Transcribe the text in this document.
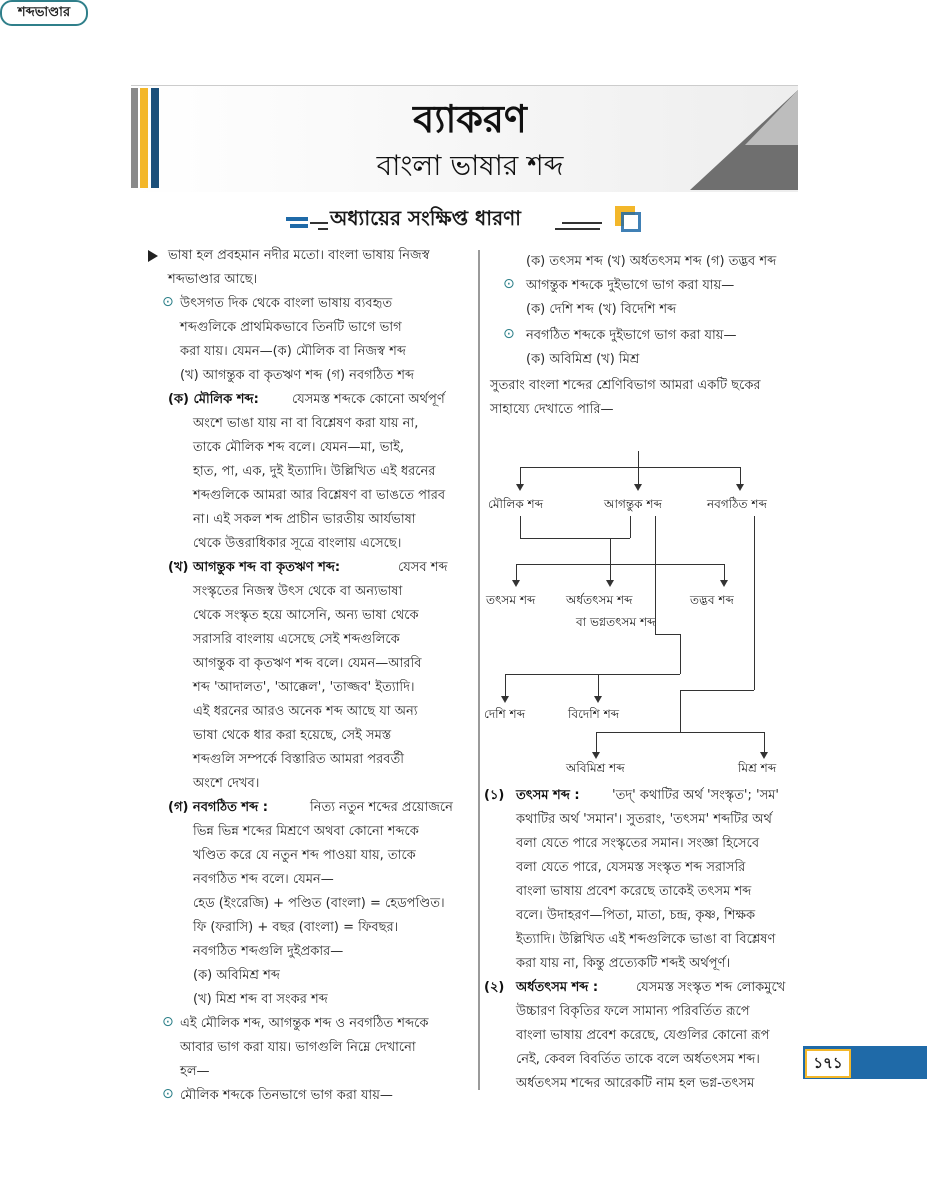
ব্যাকরণ
বাংলা ভাষার শব্দ
অধ্যায়ের সংক্ষিপ্ত ধারণা
ভাষা হল প্রবহমান নদীর মতো। বাংলা ভাষায় নিজস্ব
শব্দভাণ্ডার আছে।
⊙ উৎসগত দিক থেকে বাংলা ভাষায় ব্যবহৃত
শব্দগুলিকে প্রাথমিকভাবে তিনটি ভাগে ভাগ
করা যায়। যেমন—(ক) মৌলিক বা নিজস্ব শব্দ
(খ) আগন্তুক বা কৃতঋণ শব্দ (গ) নবগঠিত শব্দ
(ক) মৌলিক শব্দ:	যেসমস্ত শব্দকে কোনো অর্থপূর্ণ
অংশে ভাঙা যায় না বা বিশ্লেষণ করা যায় না,
তাকে মৌলিক শব্দ বলে। যেমন—মা, ভাই,
হাত, পা, এক, দুই ইত্যাদি। উল্লিখিত এই ধরনের
শব্দগুলিকে আমরা আর বিশ্লেষণ বা ভাঙতে পারব
না। এই সকল শব্দ প্রাচীন ভারতীয় আর্যভাষা
থেকে উত্তরাধিকার সূত্রে বাংলায় এসেছে।
(খ) আগন্তুক শব্দ বা কৃতঋণ শব্দ:	যেসব শব্দ
সংস্কৃতের নিজস্ব উৎস থেকে বা অন্যভাষা
থেকে সংস্কৃত হয়ে আসেনি, অন্য ভাষা থেকে
সরাসরি বাংলায় এসেছে সেই শব্দগুলিকে
আগন্তুক বা কৃতঋণ শব্দ বলে। যেমন—আরবি
শব্দ 'আদালত', 'আক্কেল', 'তাজ্জব' ইত্যাদি।
এই ধরনের আরও অনেক শব্দ আছে যা অন্য
ভাষা থেকে ধার করা হয়েছে, সেই সমস্ত
শব্দগুলি সম্পর্কে বিস্তারিত আমরা পরবর্তী
অংশে দেখব।
(গ) নবগঠিত শব্দ :	নিত্য নতুন শব্দের প্রয়োজনে
ভিন্ন ভিন্ন শব্দের মিশ্রণে অথবা কোনো শব্দকে
খণ্ডিত করে যে নতুন শব্দ পাওয়া যায়, তাকে
নবগঠিত শব্দ বলে। যেমন—
হেড (ইংরেজি) + পণ্ডিত (বাংলা) = হেডপণ্ডিত।
ফি (ফরাসি) + বছর (বাংলা) = ফিবছর।
নবগঠিত শব্দগুলি দুইপ্রকার—
(ক) অবিমিশ্র শব্দ
(খ) মিশ্র শব্দ বা সংকর শব্দ
⊙ এই মৌলিক শব্দ, আগন্তুক শব্দ ও নবগঠিত শব্দকে
আবার ভাগ করা যায়। ভাগগুলি নিম্নে দেখানো
হল—
⊙ মৌলিক শব্দকে তিনভাগে ভাগ করা যায়—
(ক) তৎসম শব্দ (খ) অর্ধতৎসম শব্দ (গ) তদ্ভব শব্দ
⊙ আগন্তুক শব্দকে দুইভাগে ভাগ করা যায়—
(ক) দেশি শব্দ (খ) বিদেশি শব্দ
⊙ নবগঠিত শব্দকে দুইভাগে ভাগ করা যায়—
(ক) অবিমিশ্র (খ) মিশ্র
সুতরাং বাংলা শব্দের শ্রেণিবিভাগ আমরা একটি ছকের
সাহায্যে দেখাতে পারি—
শব্দভাণ্ডার
মৌলিক শব্দ	আগন্তুক শব্দ	নবগঠিত শব্দ
তৎসম শব্দ	অর্ধতৎসম শব্দ
বা ভগ্নতৎসম শব্দ
তদ্ভব শব্দ
দেশি শব্দ	বিদেশি শব্দ
অবিমিশ্র শব্দ	মিশ্র শব্দ
(১) তৎসম শব্দ : 'তদ্' কথাটির অর্থ 'সংস্কৃত'; 'সম'
কথাটির অর্থ 'সমান'। সুতরাং, 'তৎসম' শব্দটির অর্থ
বলা যেতে পারে সংস্কৃতের সমান। সংজ্ঞা হিসেবে
বলা যেতে পারে, যেসমস্ত সংস্কৃত শব্দ সরাসরি
বাংলা ভাষায় প্রবেশ করেছে তাকেই তৎসম শব্দ
বলে। উদাহরণ—পিতা, মাতা, চন্দ্র, কৃষ্ণ, শিক্ষক
ইত্যাদি। উল্লিখিত এই শব্দগুলিকে ভাঙা বা বিশ্লেষণ
করা যায় না, কিন্তু প্রত্যেকটি শব্দই অর্থপূর্ণ।
(২) অর্ধতৎসম শব্দ :	যেসমস্ত সংস্কৃত শব্দ লোকমুখে
উচ্চারণ বিকৃতির ফলে সামান্য পরিবর্তিত রূপে
বাংলা ভাষায় প্রবেশ করেছে, যেগুলির কোনো রূপ
নেই, কেবল বিবর্তিত তাকে বলে অর্ধতৎসম শব্দ।
অর্ধতৎসম শব্দের আরেকটি নাম হল ভগ্ন-তৎসম
১৭১
